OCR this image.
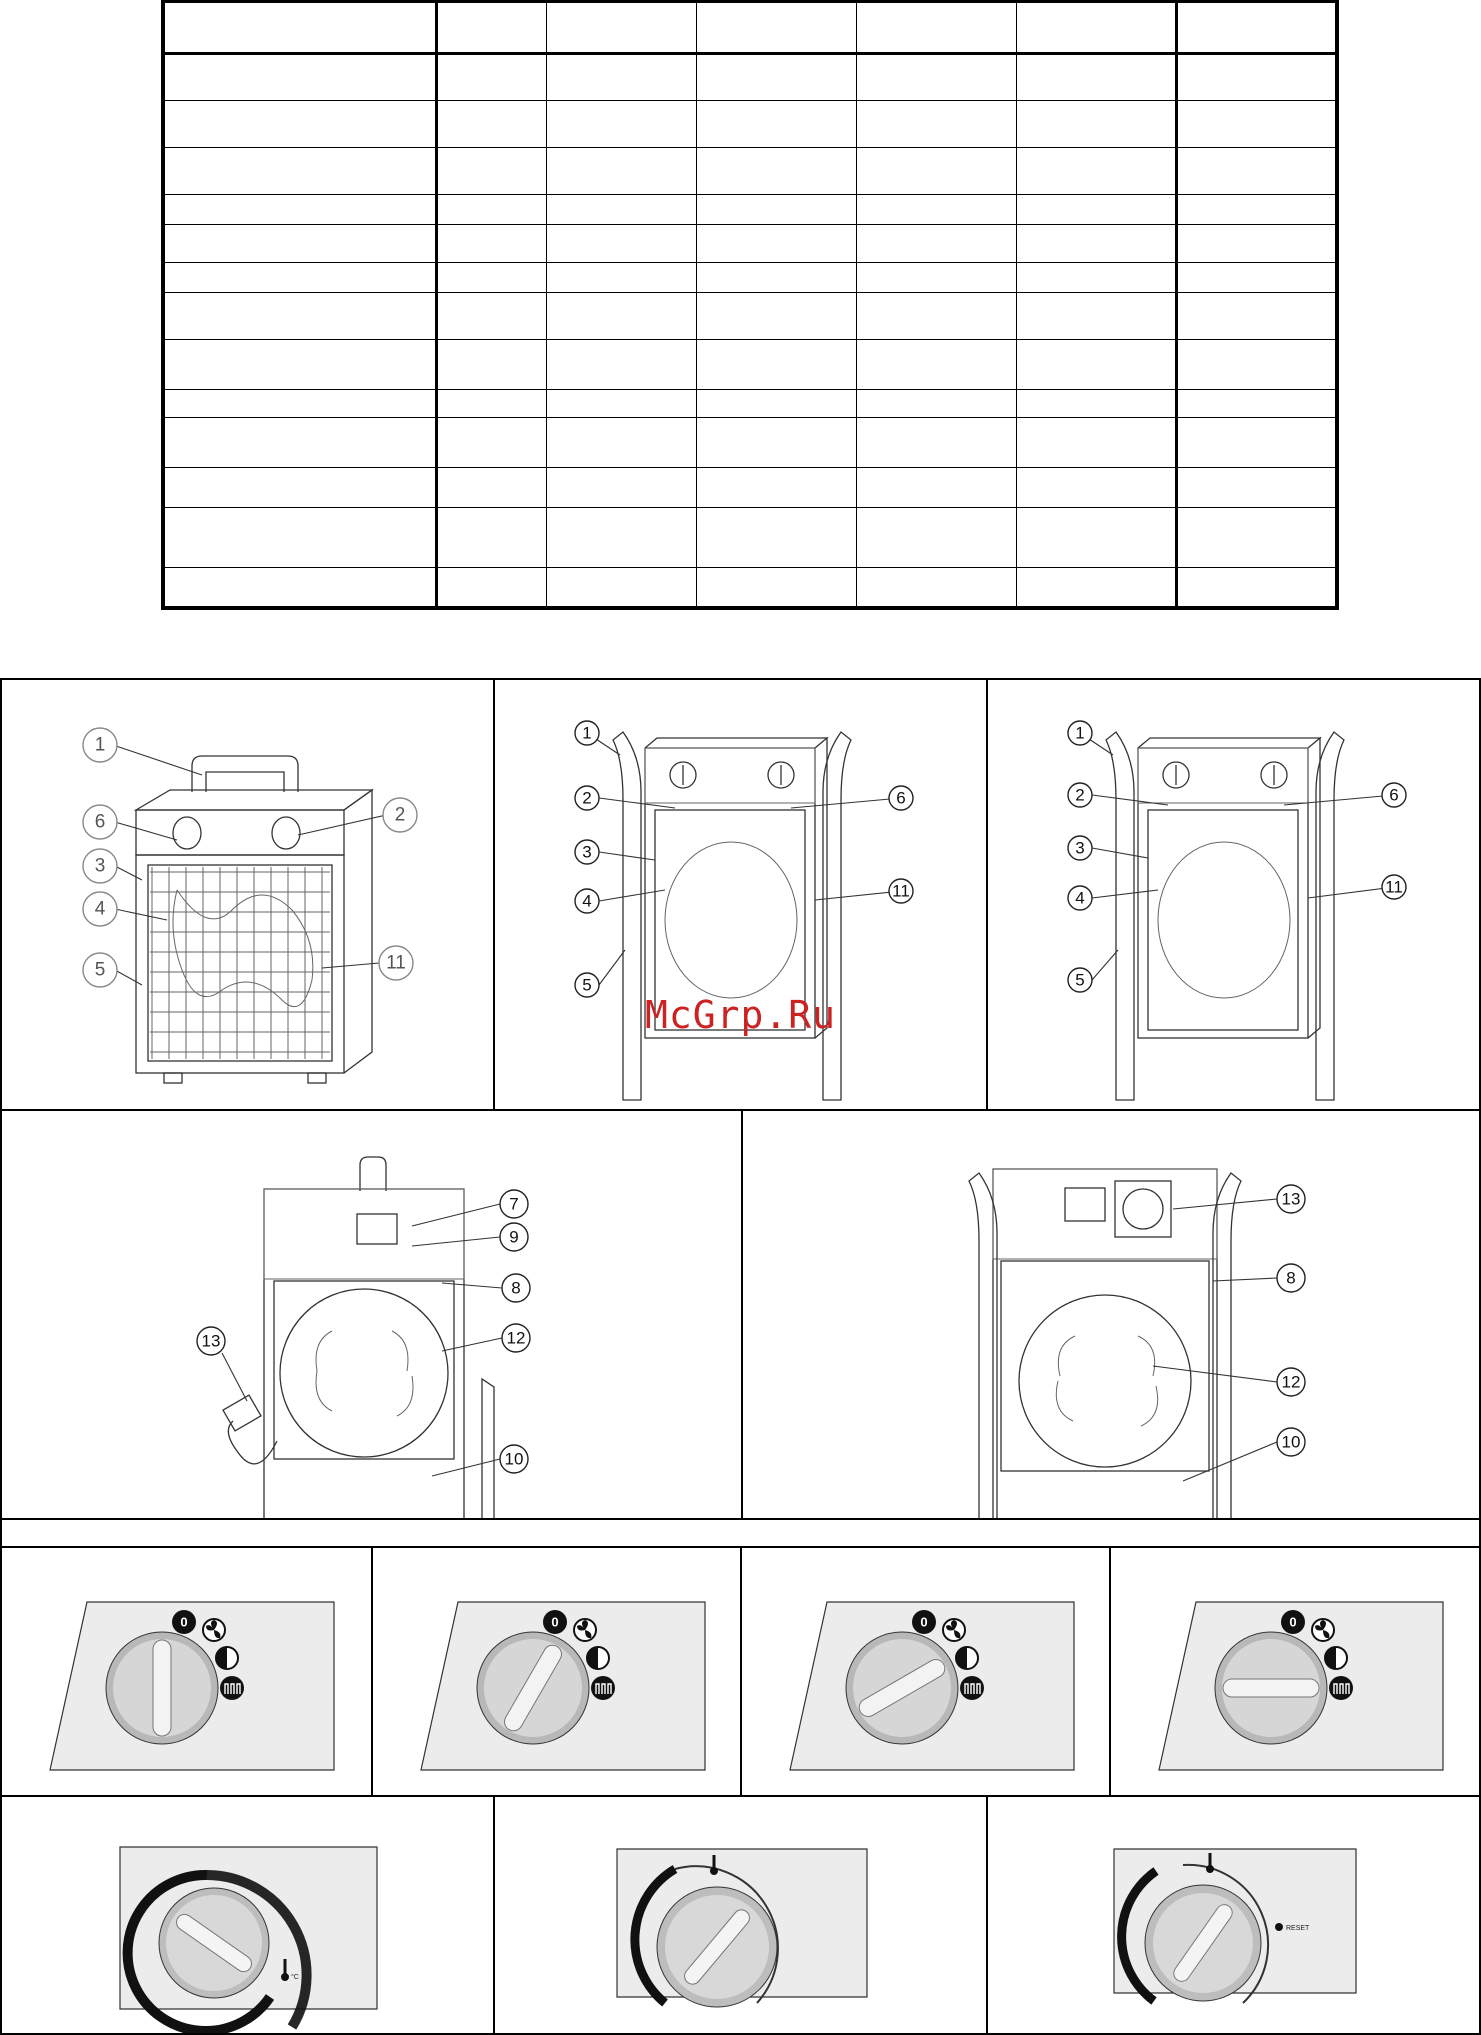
1
2
6
3
4
5	11
1
2
3
4
5
6
11
1
2
3
4
5
6
11
McGrp.Ru
7
9
8
12
13
10
13
8
12
10
0	0	0	0
°C
RESET
